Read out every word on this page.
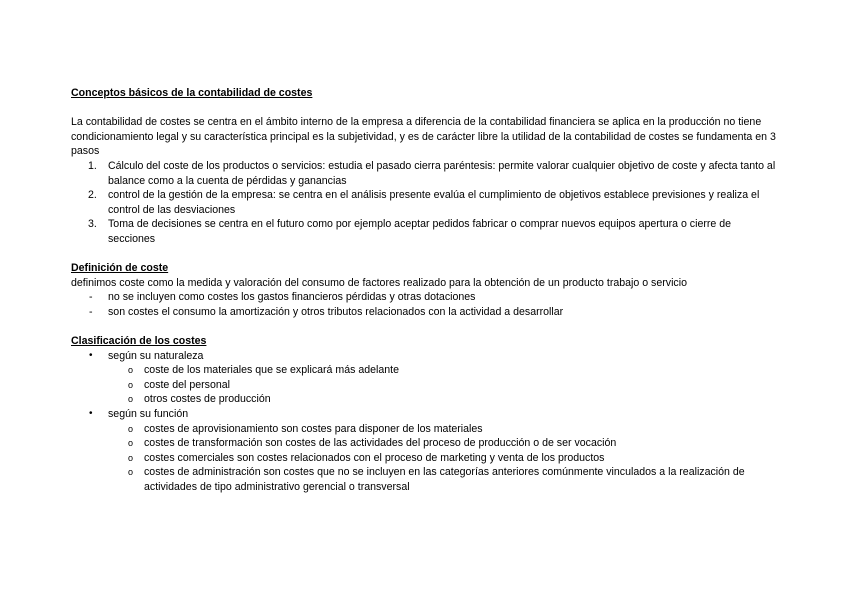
Conceptos básicos de la contabilidad de costes

La contabilidad de costes se centra en el ámbito interno de la empresa a diferencia de la contabilidad financiera se aplica en la producción no tiene condicionamiento legal y su característica principal es la subjetividad, y es de carácter libre la utilidad de la contabilidad de costes se fundamenta en 3 pasos

1. Cálculo del coste de los productos o servicios: estudia el pasado cierra paréntesis: permite valorar cualquier objetivo de coste y afecta tanto al balance como a la cuenta de pérdidas y ganancias
2. control de la gestión de la empresa: se centra en el análisis presente evalúa el cumplimiento de objetivos establece previsiones y realiza el control de las desviaciones
3. Toma de decisiones se centra en el futuro como por ejemplo aceptar pedidos fabricar o comprar nuevos equipos apertura o cierre de secciones

Definición de coste

definimos coste como la medida y valoración del consumo de factores realizado para la obtención de un producto trabajo o servicio

- no se incluyen como costes los gastos financieros pérdidas y otras dotaciones
- son costes el consumo la amortización y otros tributos relacionados con la actividad a desarrollar

Clasificación de los costes

• según su naturaleza
o coste de los materiales que se explicará más adelante
o coste del personal
o otros costes de producción
• según su función
o costes de aprovisionamiento son costes para disponer de los materiales
o costes de transformación son costes de las actividades del proceso de producción o de ser vocación
o costes comerciales son costes relacionados con el proceso de marketing y venta de los productos
o costes de administración son costes que no se incluyen en las categorías anteriores comúnmente vinculados a la realización de actividades de tipo administrativo gerencial o transversal
